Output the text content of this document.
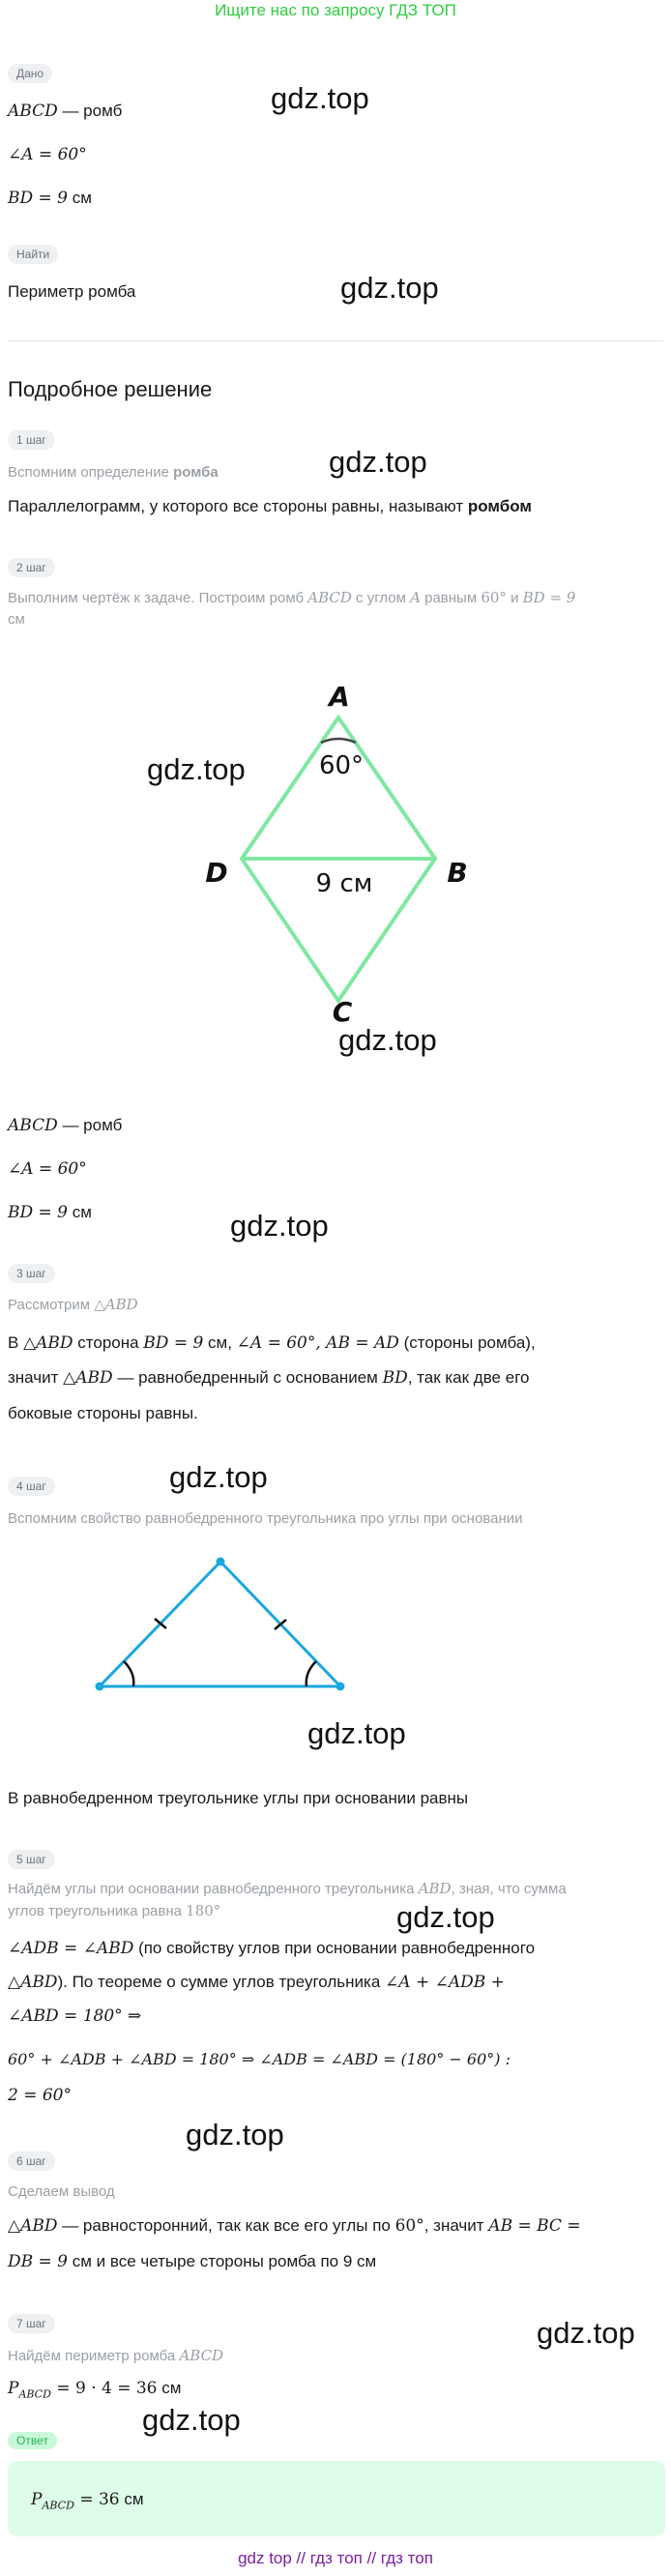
Ищите нас по запросу ГДЗ ТОП
Дано
ABCD — ромб
∠A = 60°
BD = 9 см
gdz.top
Найти
Периметр ромба	gdz.top
Подробное решение
1 шаг
gdz.top
Вспомним определение ромба
Параллелограмм, у которого все стороны равны, называют ромбом
2 шаг
Выполним чертёж к задаче. Построим ромб ABCD с углом A равным 60° и BD = 9
см
A
B
C
D
60°
9 см
gdz.top
gdz.top
ABCD — ромб
∠A = 60°
BD = 9 см	gdz.top
3 шаг
Рассмотрим △ABD
В △ABD сторона BD = 9 см, ∠A = 60°, AB = AD (стороны ромба),
значит △ABD — равнобедренный с основанием BD, так как две его
боковые стороны равны.
4 шаг	gdz.top
Вспомним свойство равнобедренного треугольника про углы при основании
gdz.top
В равнобедренном треугольнике углы при основании равны
5 шаг
Найдём углы при основании равнобедренного треугольника ABD, зная, что сумма
углов треугольника равна 180°	gdz.top
∠ADB = ∠ABD (по свойству углов при основании равнобедренного
△ABD). По теореме о сумме углов треугольника ∠A + ∠ADB +
∠ABD = 180° ⇒
60° + ∠ADB + ∠ABD = 180° ⇒ ∠ADB = ∠ABD = (180° − 60°) :
2 = 60°
gdz.top
6 шаг
Сделаем вывод
△ABD — равносторонний, так как все его углы по 60°, значит AB = BC =
DB = 9 см и все четыре стороны ромба по 9 см
7 шаг	gdz.top
Найдём периметр ромба ABCD
$P_{ABCD} = 9 \cdot 4 = 36$ см
gdz.top
Ответ
$P_{ABCD} = 36$ см
gdz top // гдз топ // гдз топ
